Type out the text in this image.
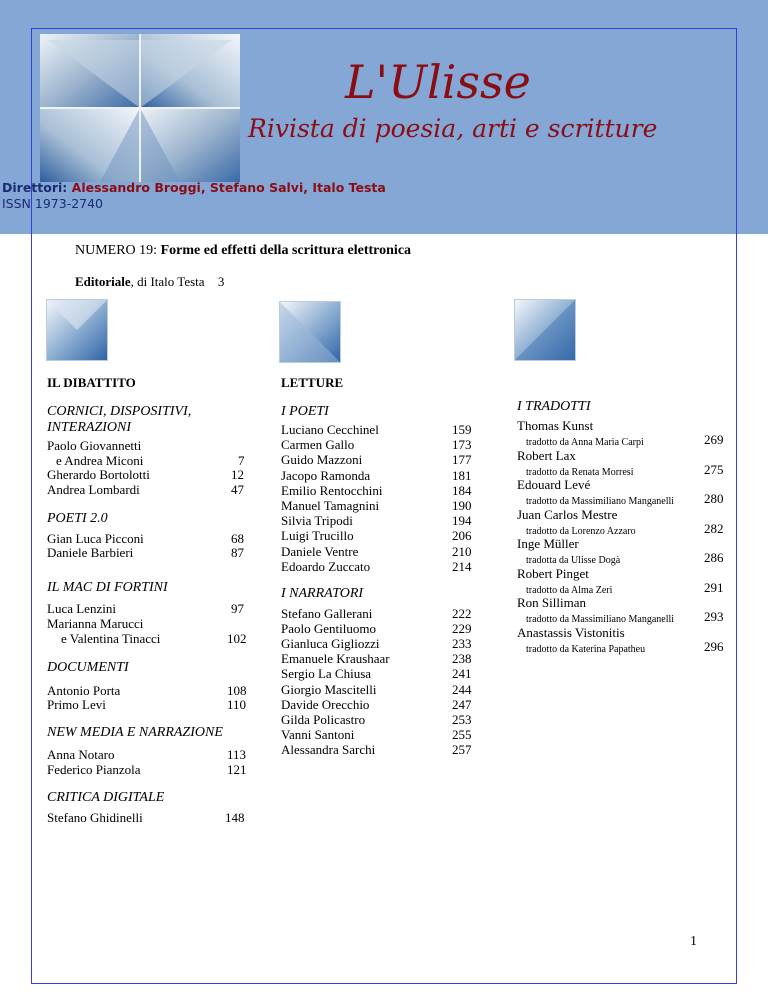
L'Ulisse
Rivista di poesia, arti e scritture
Direttori: Alessandro Broggi, Stefano Salvi, Italo Testa
ISSN 1973-2740
NUMERO 19: Forme ed effetti della scrittura elettronica
Editoriale, di Italo Testa 3
IL DIBATTITO	LETTURE
CORNICI, DISPOSITIVI,
INTERAZIONI
Paolo Giovannetti
e Andrea Miconi	7
Gherardo Bortolotti	12
Andrea Lombardi	47
POETI 2.0
Gian Luca Picconi	68
Daniele Barbieri	87
IL MAC DI FORTINI
Luca Lenzini	97
Marianna Marucci
e Valentina Tinacci	102
DOCUMENTI
Antonio Porta	108
Primo Levi	110
NEW MEDIA E NARRAZIONE
Anna Notaro	113
Federico Pianzola	121
CRITICA DIGITALE
Stefano Ghidinelli	148
I POETI
Luciano Cecchinel	159
Carmen Gallo	173
Guido Mazzoni	177
Jacopo Ramonda	181
Emilio Rentocchini	184
Manuel Tamagnini	190
Silvia Tripodi	194
Luigi Trucillo	206
Daniele Ventre	210
Edoardo Zuccato	214
I NARRATORI
Stefano Gallerani	222
Paolo Gentiluomo	229
Gianluca Gigliozzi	233
Emanuele Kraushaar	238
Sergio La Chiusa	241
Giorgio Mascitelli	244
Davide Orecchio	247
Gilda Policastro	253
Vanni Santoni	255
Alessandra Sarchi	257
I TRADOTTI
Thomas Kunst
tradotto da Anna Maria Carpi	269
Robert Lax
tradotto da Renata Morresi	275
Edouard Levé
tradotto da Massimiliano Manganelli 280
Juan Carlos Mestre
tradotto da Lorenzo Azzaro	282
Inge Müller
tradotta da Ulisse Dogà	286
Robert Pinget
tradotto da Alma Zeri	291
Ron Silliman
tradotto da Massimiliano Manganelli 293
Anastassis Vistonitis
tradotto da Katerina Papatheu	296
1
